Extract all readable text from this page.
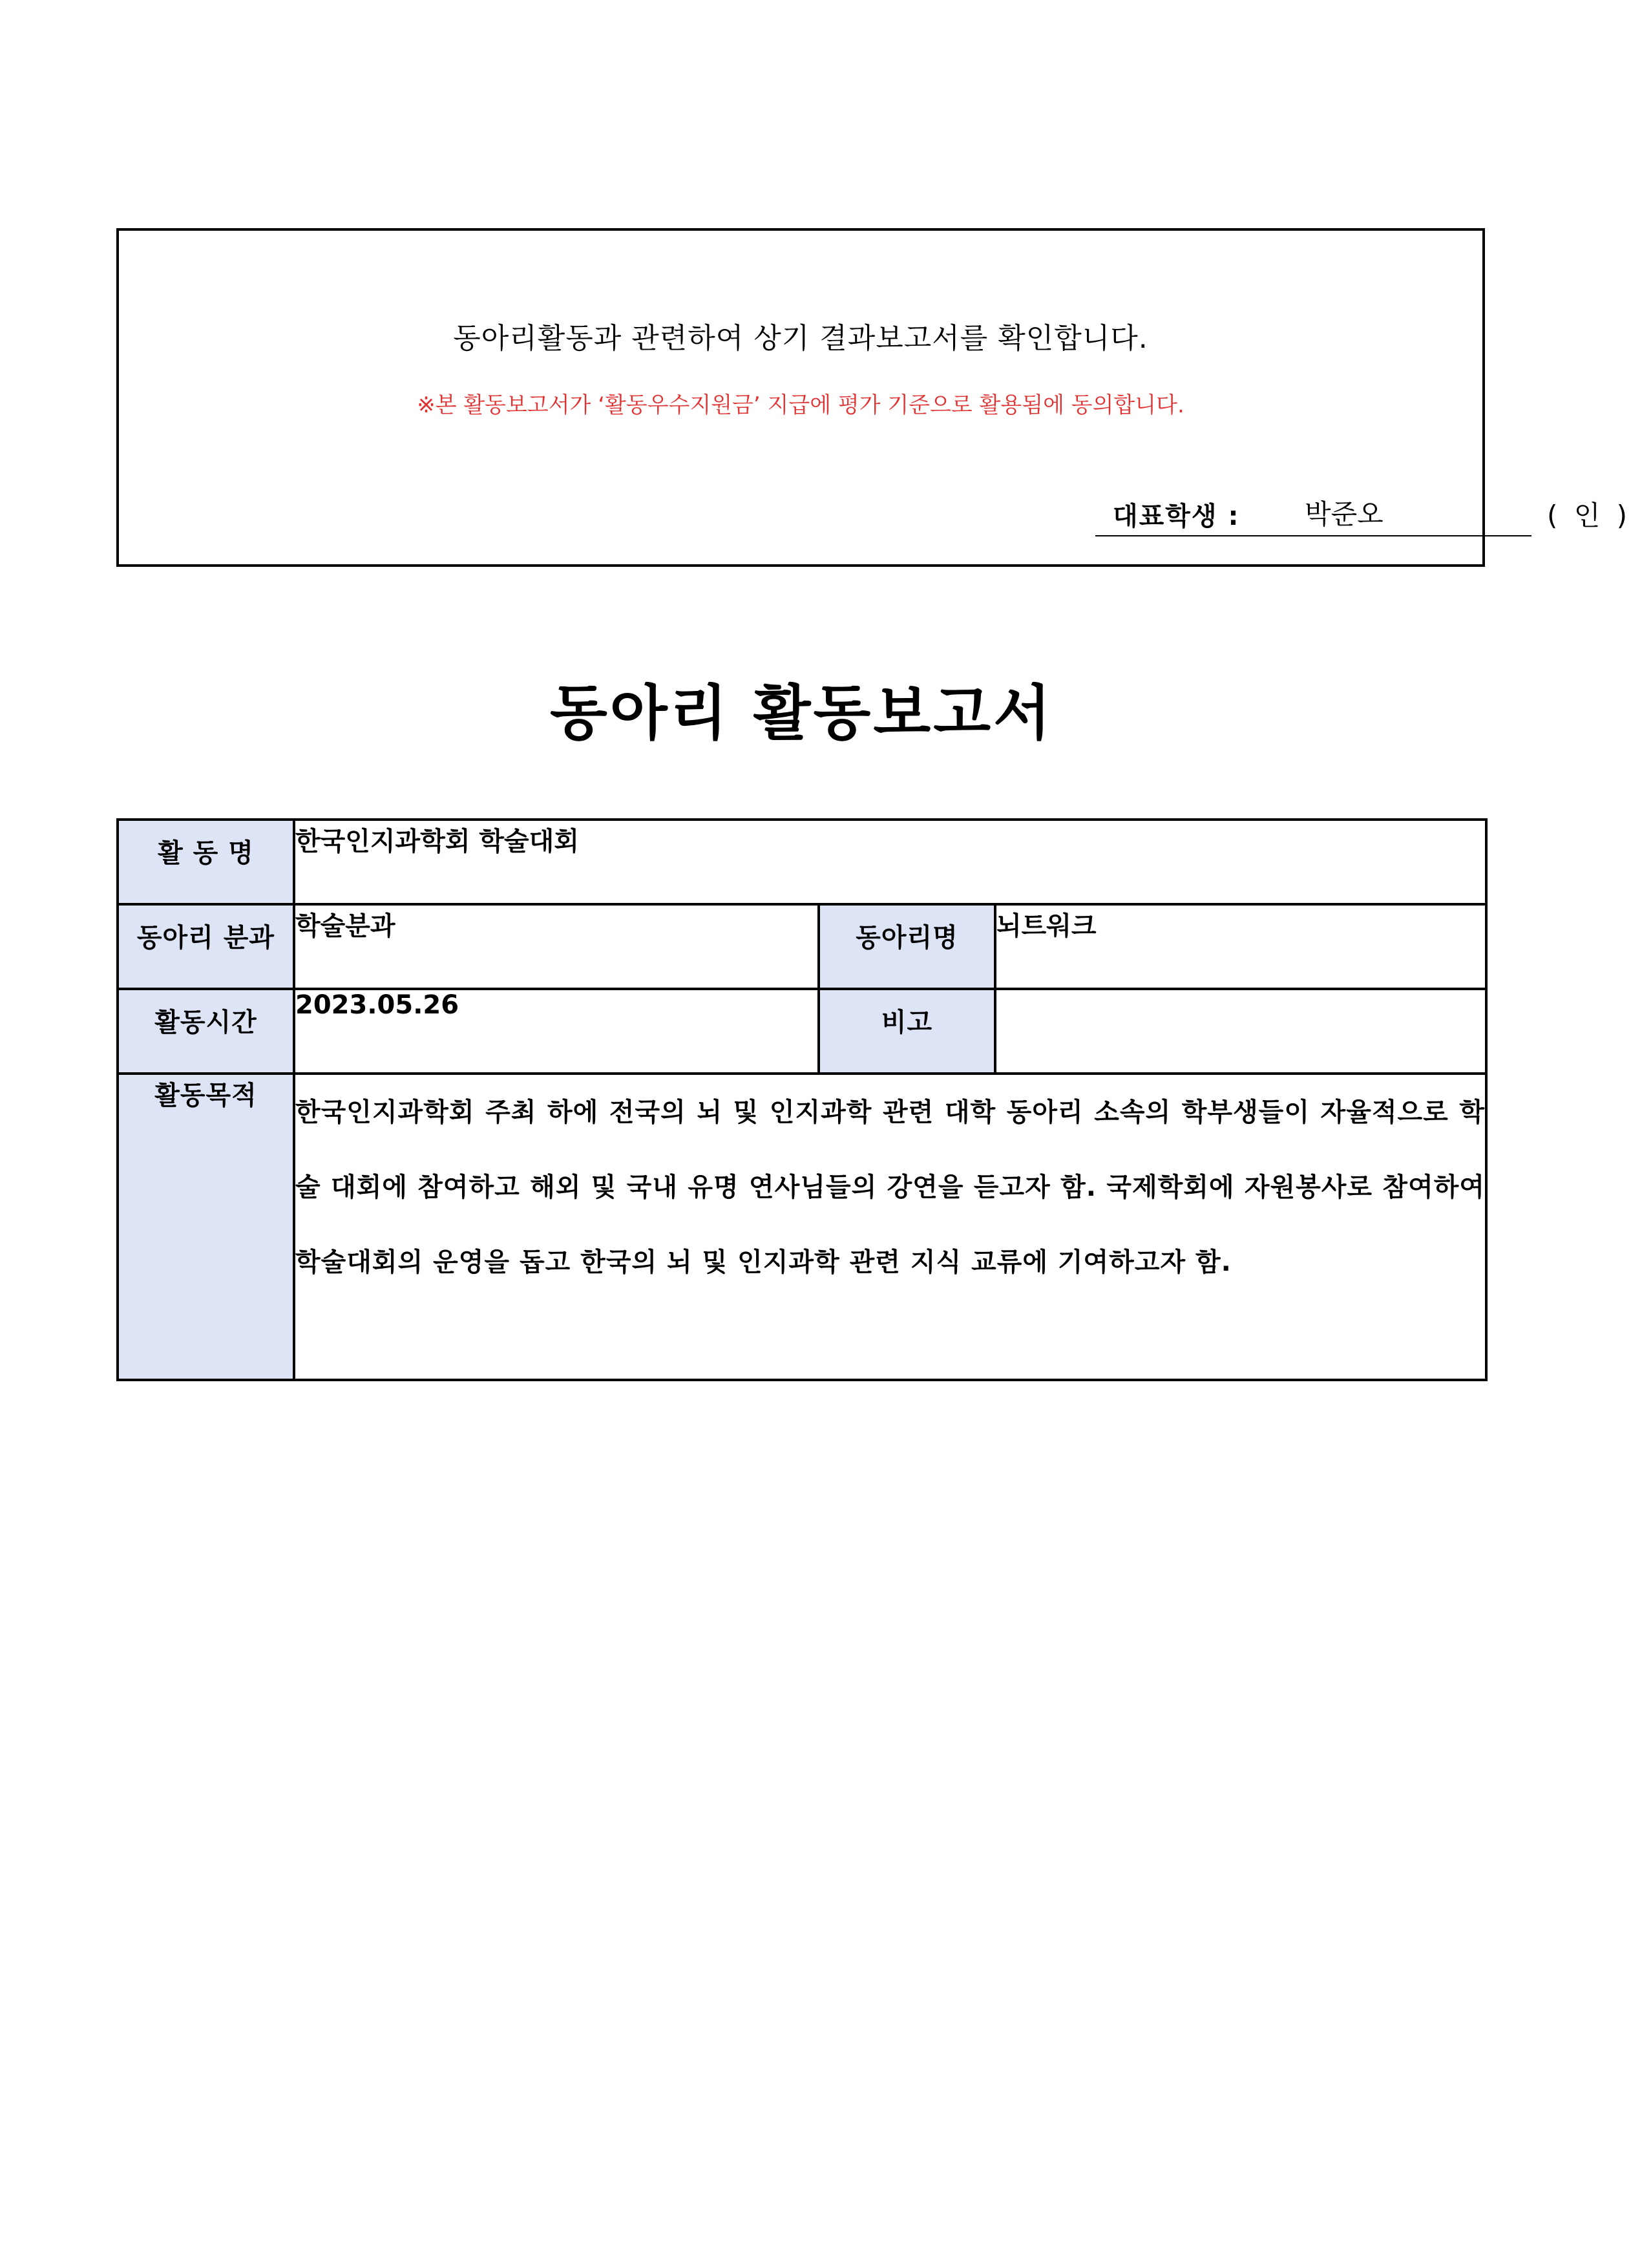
동아리활동과 관련하여 상기 결과보고서를 확인합니다.
※본 활동보고서가 ‘활동우수지원금’ 지급에 평가 기준으로 활용됨에 동의합니다.
대표학생 : 박준오	( 인 )
동아리 활동보고서
활 동 명	한국인지과학회 학술대회		
동아리 분과	학술분과	동아리명	뇌트워크
활동시간	2023.05.26	비고	
활동목적	한국인지과학회 주최 하에 전국의 뇌 및 인지과학 관련 대학 동아리 소속의 학부생들이 자율적으로 학술 대회에 참여하고 해외 및 국내 유명 연사님들의 강연을 듣고자 함. 국제학회에 자원봉사로 참여하여 학술대회의 운영을 돕고 한국의 뇌 및 인지과학 관련 지식 교류에 기여하고자 함.		
